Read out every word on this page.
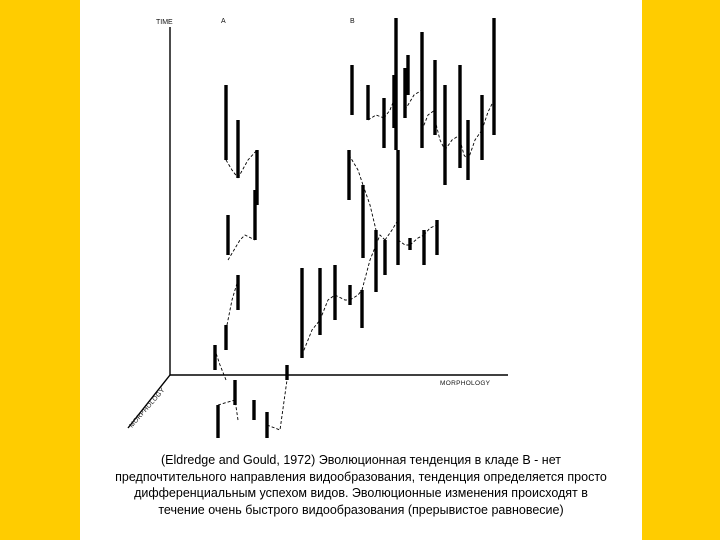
TIME	A	B
MORPHOLOGY
MORPHOLOGY
(Eldredge and Gould, 1972) Эволюционная тенденция в кладе B - нет
предпочтительного направления видообразования, тенденция определяется просто
дифференциальным успехом видов. Эволюционные изменения происходят в
течение очень быстрого видообразования (прерывистое равновесие)
